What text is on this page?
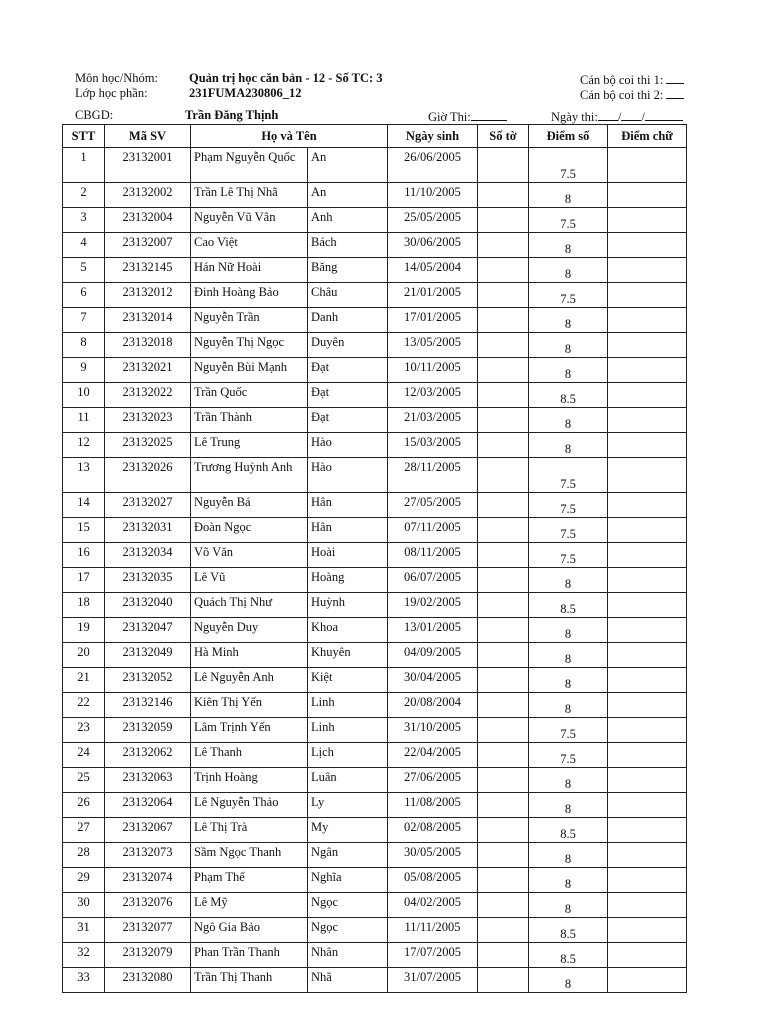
Môn học/Nhóm: Quản trị học căn bản - 12 - Số TC: 3
Lớp học phần:	231FUMA230806_12
Cán bộ coi thi 1:
Cán bộ coi thi 2:
CBGD:	Trần Đăng Thịnh	Giờ Thi:	Ngày thi: / /
STT	Mã SV	Họ và Tên		Ngày sinh	Số tờ	Điểm số	Điểm chữ
1	23132001	Phạm Nguyễn Quốc	An	26/06/2005		7.5	
2	23132002	Trần Lê Thị Nhã	An	11/10/2005		8	
3	23132004	Nguyễn Vũ Vân	Anh	25/05/2005		7.5	
4	23132007	Cao Việt	Bách	30/06/2005		8	
5	23132145	Hán Nữ Hoài	Băng	14/05/2004		8	
6	23132012	Đinh Hoàng Bảo	Châu	21/01/2005		7.5	
7	23132014	Nguyễn Trần	Danh	17/01/2005		8	
8	23132018	Nguyễn Thị Ngọc	Duyên	13/05/2005		8	
9	23132021	Nguyễn Bùi Mạnh	Đạt	10/11/2005		8	
10	23132022	Trần Quốc	Đạt	12/03/2005		8.5	
11	23132023	Trần Thành	Đạt	21/03/2005		8	
12	23132025	Lê Trung	Hào	15/03/2005		8	
13	23132026	Trương Huỳnh Anh	Hào	28/11/2005		7.5	
14	23132027	Nguyễn Bá	Hân	27/05/2005		7.5	
15	23132031	Đoàn Ngọc	Hân	07/11/2005		7.5	
16	23132034	Võ Văn	Hoài	08/11/2005		7.5	
17	23132035	Lê Vũ	Hoàng	06/07/2005		8	
18	23132040	Quách Thị Như	Huỳnh	19/02/2005		8.5	
19	23132047	Nguyễn Duy	Khoa	13/01/2005		8	
20	23132049	Hà Minh	Khuyên	04/09/2005		8	
21	23132052	Lê Nguyễn Anh	Kiệt	30/04/2005		8	
22	23132146	Kiên Thị Yến	Linh	20/08/2004		8	
23	23132059	Lâm Trịnh Yến	Linh	31/10/2005		7.5	
24	23132062	Lê Thanh	Lịch	22/04/2005		7.5	
25	23132063	Trịnh Hoàng	Luân	27/06/2005		8	
26	23132064	Lê Nguyễn Thảo	Ly	11/08/2005		8	
27	23132067	Lê Thị Trà	My	02/08/2005		8.5	
28	23132073	Sầm Ngọc Thanh	Ngân	30/05/2005		8	
29	23132074	Phạm Thế	Nghĩa	05/08/2005		8	
30	23132076	Lê Mỹ	Ngọc	04/02/2005		8	
31	23132077	Ngô Gia Bảo	Ngọc	11/11/2005		8.5	
32	23132079	Phan Trần Thanh	Nhân	17/07/2005		8.5	
33	23132080	Trần Thị Thanh	Nhã	31/07/2005		8	
